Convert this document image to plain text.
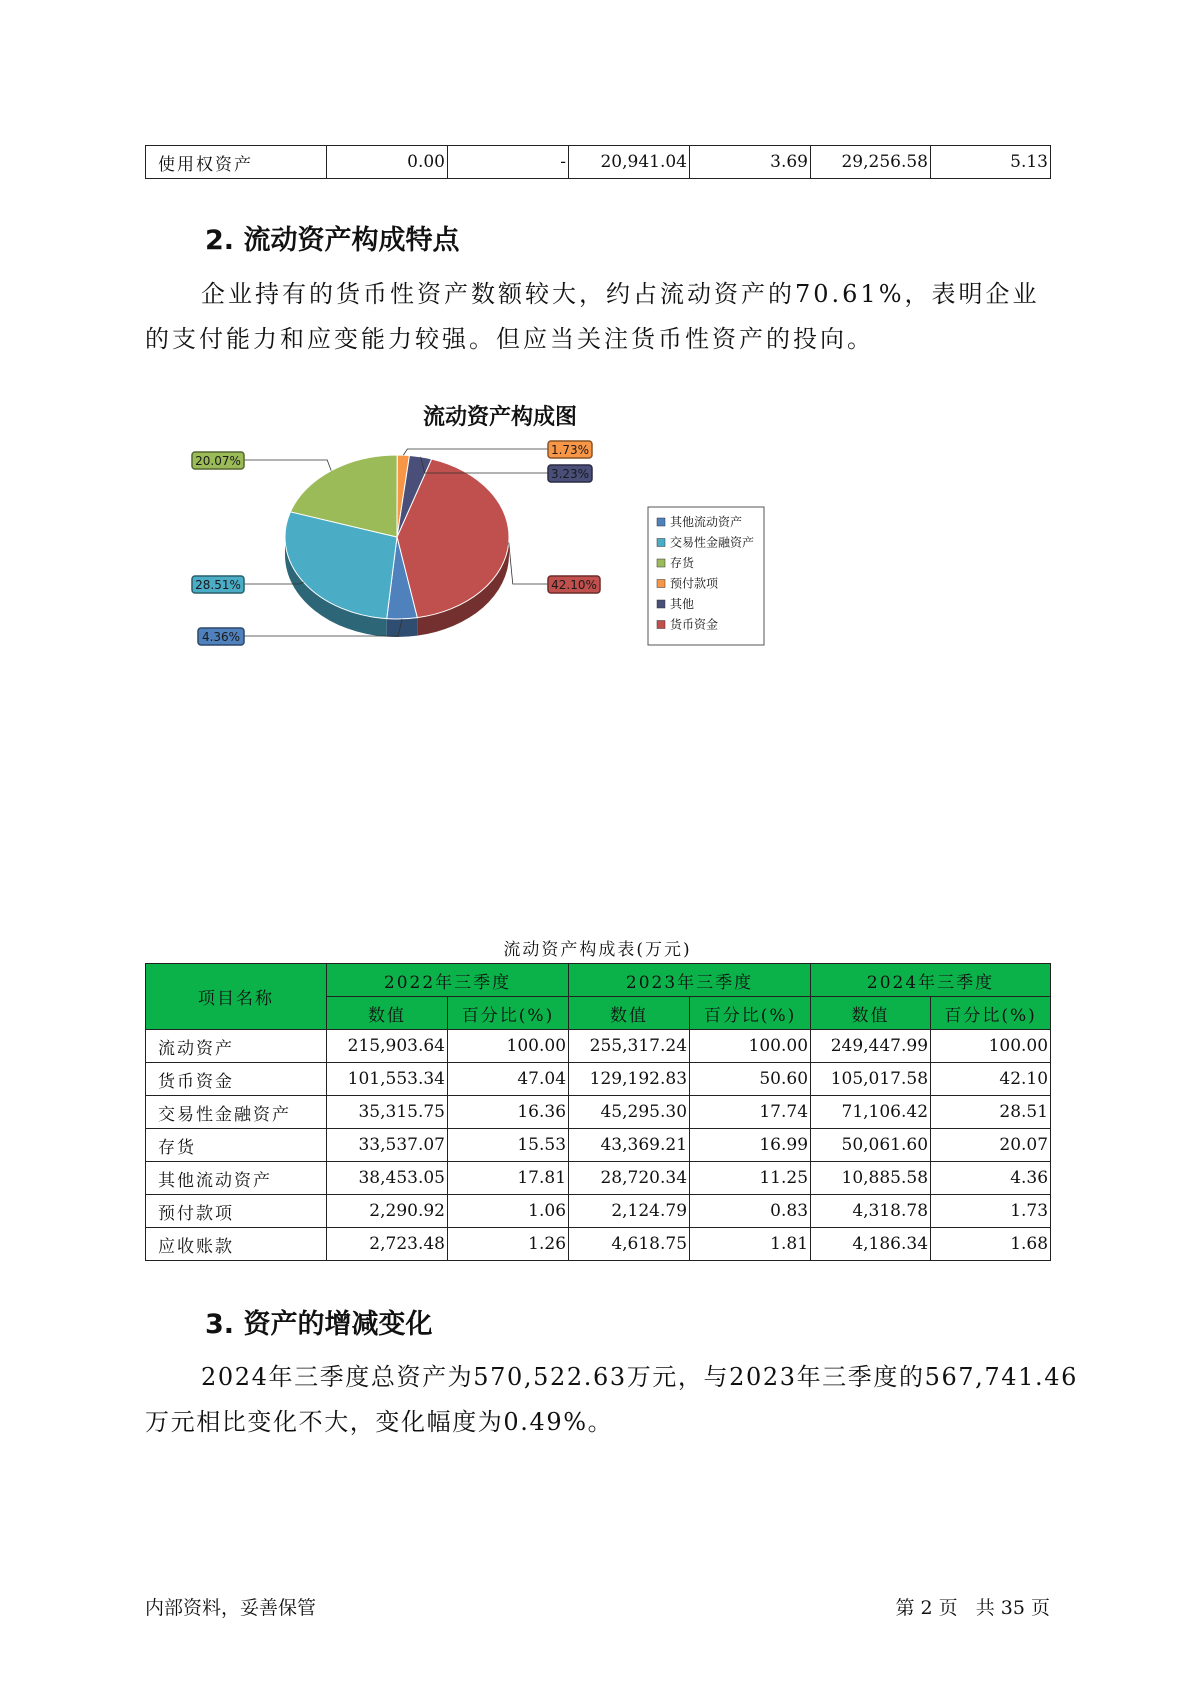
使用权资产	0.00	-	20,941.04	3.69	29,256.58	5.13
2. 流动资产构成特点
企业持有的货币性资产数额较大，约占流动资产的70.61%，表明企业
的支付能力和应变能力较强。但应当关注货币性资产的投向。
流动资产构成图
42.10%
4.36%
28.51%
20.07%
1.73%
3.23%
其他流动资产
交易性金融资产
存货
预付款项
其他
货币资金
流动资产构成表(万元)
项目名称	2022年三季度		2023年三季度		2024年三季度	
	数值	百分比(%)	数值	百分比(%)	数值	百分比(%)
流动资产	215,903.64	100.00	255,317.24	100.00	249,447.99	100.00
货币资金	101,553.34	47.04	129,192.83	50.60	105,017.58	42.10
交易性金融资产	35,315.75	16.36	45,295.30	17.74	71,106.42	28.51
存货	33,537.07	15.53	43,369.21	16.99	50,061.60	20.07
其他流动资产	38,453.05	17.81	28,720.34	11.25	10,885.58	4.36
预付款项	2,290.92	1.06	2,124.79	0.83	4,318.78	1.73
应收账款	2,723.48	1.26	4,618.75	1.81	4,186.34	1.68
3. 资产的增减变化
2024年三季度总资产为570,522.63万元，与2023年三季度的567,741.46
万元相比变化不大，变化幅度为0.49%。
内部资料，妥善保管	第 2 页   共 35 页
